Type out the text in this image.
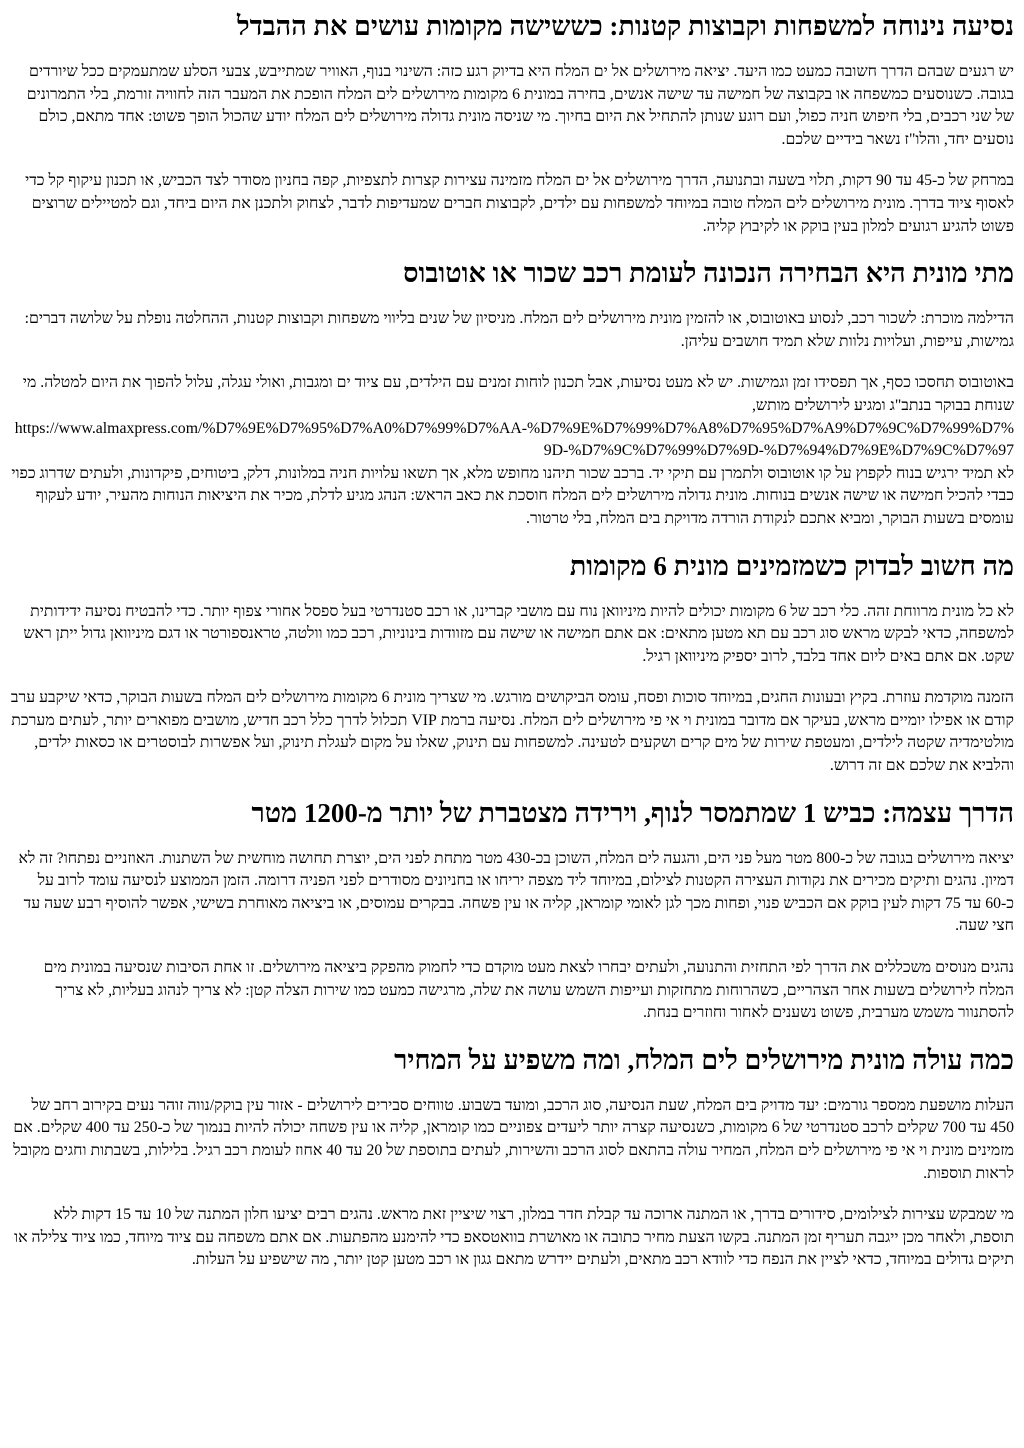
נסיעה נינוחה למשפחות וקבוצות קטנות: כששישה מקומות עושים את ההבדל

יש רגעים שבהם הדרך חשובה כמעט כמו היעד. יציאה מירושלים אל ים המלח היא בדיוק רגע כזה: השינוי בנוף, האוויר שמתייבש, צבעי הסלע שמתעמקים ככל שיורדים בגובה. כשנוסעים כמשפחה או בקבוצה של חמישה עד שישה אנשים, בחירה במונית 6 מקומות מירושלים לים המלח הופכת את המעבר הזה לחוויה זורמת, בלי התמרונים של שני רכבים, בלי חיפוש חניה כפול, ועם רוגע שנותן להתחיל את היום בחיוך. מי שניסה מונית גדולה מירושלים לים המלח יודע שהכול הופך פשוט: אחד מתאם, כולם נוסעים יחד, והלו"ז נשאר בידיים שלכם.

במרחק של כ-45 עד 90 דקות, תלוי בשעה ובתנועה, הדרך מירושלים אל ים המלח מזמינה עצירות קצרות לתצפיות, קפה בחניון מסודר לצד הכביש, או תכנון עיקוף קל כדי לאסוף ציוד בדרך. מונית מירושלים לים המלח טובה במיוחד למשפחות עם ילדים, לקבוצות חברים שמעדיפות לדבר, לצחוק ולתכנן את היום ביחד, וגם למטיילים שרוצים פשוט להגיע רגועים למלון בעין בוקק או לקיבוץ קליה.

מתי מונית היא הבחירה הנכונה לעומת רכב שכור או אוטובוס

הדילמה מוכרת: לשכור רכב, לנסוע באוטובוס, או להזמין מונית מירושלים לים המלח. מניסיון של שנים בליווי משפחות וקבוצות קטנות, ההחלטה נופלת על שלושה דברים: גמישות, עייפות, ועלויות נלוות שלא תמיד חושבים עליהן.

באוטובוס תחסכו כסף, אך תפסידו זמן וגמישות. יש לא מעט נסיעות, אבל תכנון לוחות זמנים עם הילדים, עם ציוד ים ומגבות, ואולי עגלה, עלול להפוך את היום למטלה. מי שנוחת בבוקר בנתב"ג ומגיע לירושלים מותש,
https://www.almaxpress.com/%D7%9E%D7%95%D7%A0%D7%99%D7%AA-%D7%9E%D7%99%D7%A8%D7%95%D7%A9%D7%9C%D7%99%D7%9D-%D7%9C%D7%99%D7%9D-%D7%94%D7%9E%D7%9C%D7%97
לא תמיד ירגיש בנוח לקפוץ על קו אוטובוס ולתמרן עם תיקי יד. ברכב שכור תיהנו מחופש מלא, אך תשאו עלויות חניה במלונות, דלק, ביטוחים, פיקדונות, ולעתים שדרוג כפוי כבדי להכיל חמישה או שישה אנשים בנוחות. מונית גדולה מירושלים לים המלח חוסכת את כאב הראש: הנהג מגיע לדלת, מכיר את היציאות הנוחות מהעיר, יודע לעקוף עומסים בשעות הבוקר, ומביא אתכם לנקודת הורדה מדויקת בים המלח, בלי טרטור.

מה חשוב לבדוק כשמזמינים מונית 6 מקומות

לא כל מונית מרווחת זהה. כלי רכב של 6 מקומות יכולים להיות מיניוואן נוח עם מושבי קברינו, או רכב סטנדרטי בעל ספסל אחורי צפוף יותר. כדי להבטיח נסיעה ידידותית למשפחה, כדאי לבקש מראש סוג רכב עם תא מטען מתאים: אם אתם חמישה או שישה עם מזוודות בינוניות, רכב כמו וולטה, טראנספורטר או דגם מיניוואן גדול ייתן ראש שקט. אם אתם באים ליום אחד בלבד, לרוב יספיק מיניוואן רגיל.

הזמנה מוקדמת עוזרת. בקיץ ובעונות החגים, במיוחד סוכות ופסח, עומס הביקושים מורגש. מי שצריך מונית 6 מקומות מירושלים לים המלח בשעות הבוקר, כדאי שיקבע ערב קודם או אפילו יומיים מראש, בעיקר אם מדובר במונית וי אי פי מירושלים לים המלח. נסיעה ברמת VIP תכלול לדרך כלל רכב חדיש, מושבים מפוארים יותר, לעתים מערכת מולטימדיה שקטה לילדים, ומעטפת שירות של מים קרים ושקעים לטעינה. למשפחות עם תינוק, שאלו על מקום לעגלת תינוק, ועל אפשרות לבוסטרים או כסאות ילדים, והלביא את שלכם אם זה דרוש.

הדרך עצמה: כביש 1 שמתמסר לנוף, וירידה מצטברת של יותר מ-1200 מטר

יציאה מירושלים בגובה של כ-800 מטר מעל פני הים, והגעה לים המלח, השוכן בכ-430 מטר מתחת לפני הים, יוצרת תחושה מוחשית של השתנות. האוזניים נפתחו? זה לא דמיון. נהגים ותיקים מכירים את נקודות העצירה הקטנות לצילום, במיוחד ליד מצפה יריחו או בחניונים מסודרים לפני הפניה דרומה. הזמן הממוצע לנסיעה עומד לרוב על כ-60 עד 75 דקות לעין בוקק אם הכביש פנוי, ופחות מכך לגן לאומי קומראן, קליה או עין פשחה. בבקרים עמוסים, או ביציאה מאוחרת בשישי, אפשר להוסיף רבע שעה עד חצי שעה.

נהגים מנוסים משכללים את הדרך לפי התחזית והתנועה, ולעתים יבחרו לצאת מעט מוקדם כדי לחמוק מהפקק ביציאה מירושלים. זו אחת הסיבות שנסיעה במונית מים המלח לירושלים בשעות אחר הצהריים, כשהרוחות מתחזקות ועייפות השמש עושה את שלה, מרגישה כמעט כמו שירות הצלה קטן: לא צריך לנהוג בעליות, לא צריך להסתנוור משמש מערבית, פשוט נשענים לאחור וחוזרים בנחת.

כמה עולה מונית מירושלים לים המלח, ומה משפיע על המחיר

העלות מושפעת ממספר גורמים: יעד מדויק בים המלח, שעת הנסיעה, סוג הרכב, ומועד בשבוע. טווחים סבירים לירושלים - אזור עין בוקק/נווה זוהר נעים בקירוב רחב של 450 עד 700 שקלים לרכב סטנדרטי של 6 מקומות, כשנסיעה קצרה יותר ליעדים צפוניים כמו קומראן, קליה או עין פשחה יכולה להיות בנמוך של כ-250 עד 400 שקלים. אם מזמינים מונית וי אי פי מירושלים לים המלח, המחיר עולה בהתאם לסוג הרכב והשירות, לעתים בתוספת של 20 עד 40 אחוז לעומת רכב רגיל. בלילות, בשבתות וחגים מקובל לראות תוספות.

מי שמבקש עצירות לצילומים, סידורים בדרך, או המתנה ארוכה עד קבלת חדר במלון, רצוי שיציין זאת מראש. נהגים רבים יציעו חלון המתנה של 10 עד 15 דקות ללא תוספת, ולאחר מכן ייגבה תעריף זמן המתנה. בקשו הצעת מחיר כתובה או מאושרת בוואטסאפ כדי להימנע מהפתעות. אם אתם משפחה עם ציוד מיוחד, כמו ציוד צלילה או תיקים גדולים במיוחד, כדאי לציין את הנפח כדי לוודא רכב מתאים, ולעתים יידרש מתאם גגון או רכב מטען קטן יותר, מה שישפיע על העלות.
